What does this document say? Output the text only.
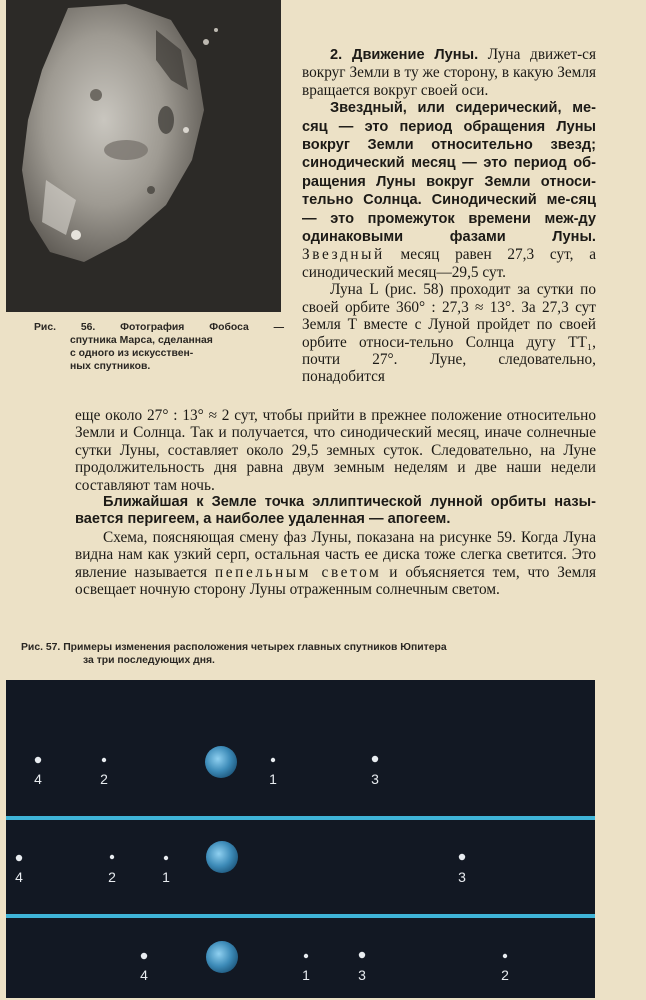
Рис. 56. Фотография Фобоса —
спутника Марса, сделанная
с одного из искусствен-
ных спутников.

2. Движение Луны. Луна движет-ся вокруг Земли в ту же сторону, в какую Земля вращается вокруг своей оси.

Звездный, или сидерический, ме-сяц — это период обращения Луны вокруг Земли относительно звезд; синодический месяц — это период об-ращения Луны вокруг Земли относи-тельно Солнца. Синодический ме-сяц — это промежуток времени меж-ду одинаковыми фазами Луны. Звездный месяц равен 27,3 сут, а синодический месяц—29,5 сут.

Луна L (рис. 58) проходит за сутки по своей орбите 360° : 27,3 ≈ 13°. За 27,3 сут Земля T вместе с Луной пройдет по своей орбите относи-тельно Солнца дугу TT₁, почти 27°. Луне, следовательно, понадобится

еще около 27° : 13° ≈ 2 сут, чтобы прийти в прежнее положение относительно Земли и Солнца. Так и получается, что синодический месяц, иначе солнечные сутки Луны, составляет около 29,5 земных суток. Следовательно, на Луне продолжительность дня равна двум земным неделям и две наши недели составляют там ночь.

Ближайшая к Земле точка эллиптической лунной орбиты назы-вается перигеем, а наиболее удаленная — апогеем.

Схема, поясняющая смену фаз Луны, показана на рисунке 59. Когда Луна видна нам как узкий серп, остальная часть ее диска тоже слегка светится. Это явление называется пепельным светом и объясняется тем, что Земля освещает ночную сторону Луны отраженным солнечным светом.

Рис. 57. Примеры изменения расположения четырех главных спутников Юпитера
за три последующих дня.
4	2	1	3
4	2	1	3
4	1	3	2
